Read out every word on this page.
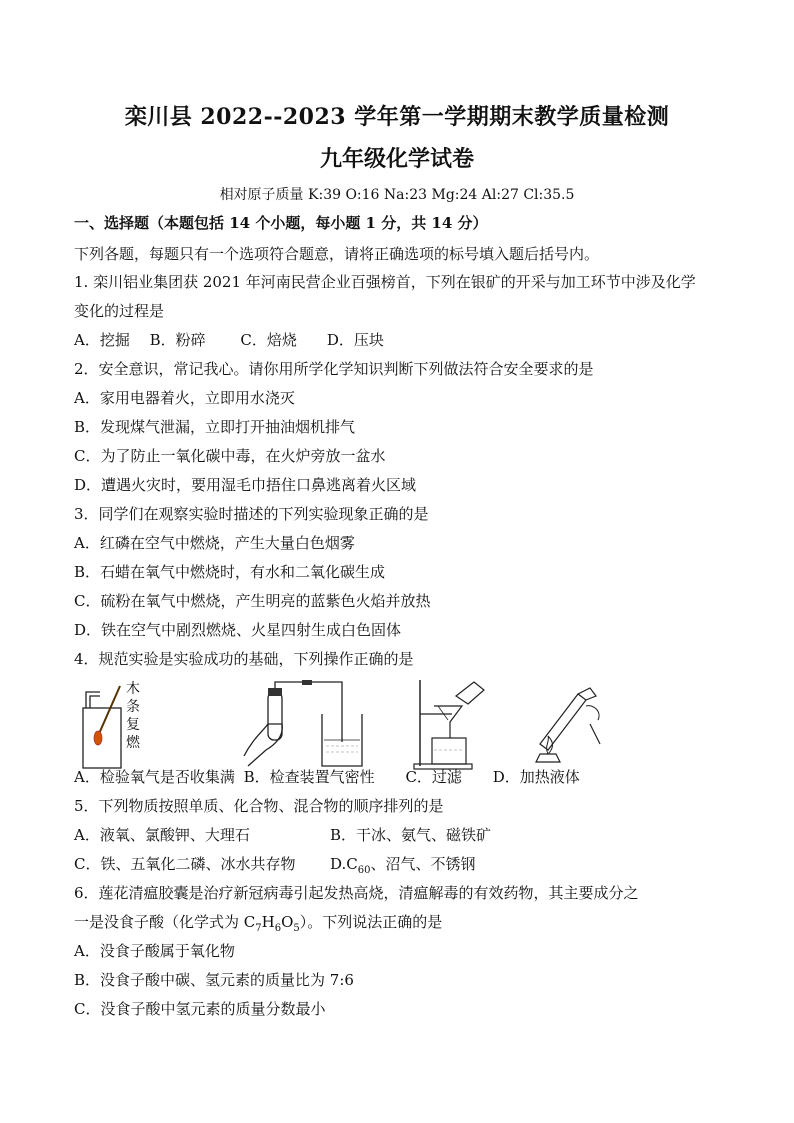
栾川县 2022--2023 学年第一学期期末教学质量检测
九年级化学试卷
相对原子质量 K:39 O:16 Na:23 Mg:24 Al:27 Cl:35.5
一、选择题（本题包括 14 个小题，每小题 1 分，共 14 分）
下列各题，每题只有一个选项符合题意，请将正确选项的标号填入题后括号内。
1. 栾川铝业集团获 2021 年河南民营企业百强榜首，下列在银矿的开采与加工环节中涉及化学
变化的过程是
A．挖掘　 B．粉碎　　 C．焙烧　　D．压块
2．安全意识，常记我心。请你用所学化学知识判断下列做法符合安全要求的是
A．家用电器着火，立即用水浇灭
B．发现煤气泄漏，立即打开抽油烟机排气
C．为了防止一氧化碳中毒，在火炉旁放一盆水
D．遭遇火灾时，要用湿毛巾捂住口鼻逃离着火区域
3．同学们在观察实验时描述的下列实验现象正确的是
A．红磷在空气中燃烧，产生大量白色烟雾
B．石蜡在氧气中燃烧时，有水和二氧化碳生成
C．硫粉在氧气中燃烧，产生明亮的蓝紫色火焰并放热
D．铁在空气中剧烈燃烧、火星四射生成白色固体
4．规范实验是实验成功的基础，下列操作正确的是
木条复燃
A．检验氧气是否收集满 B．检查装置气密性 C．过滤 D．加热液体
5．下列物质按照单质、化合物、混合物的顺序排列的是
A．液氧、氯酸钾、大理石	B．干冰、氨气、磁铁矿
C．铁、五氧化二磷、冰水共存物 $D.C_{60}$、沼气、不锈钢
6．莲花清瘟胶囊是治疗新冠病毒引起发热高烧，清瘟解毒的有效药物，其主要成分之
一是没食子酸（化学式为 $C_7H_6O_5$）。下列说法正确的是
A．没食子酸属于氧化物
B．没食子酸中碳、氢元素的质量比为 7:6
C．没食子酸中氢元素的质量分数最小
